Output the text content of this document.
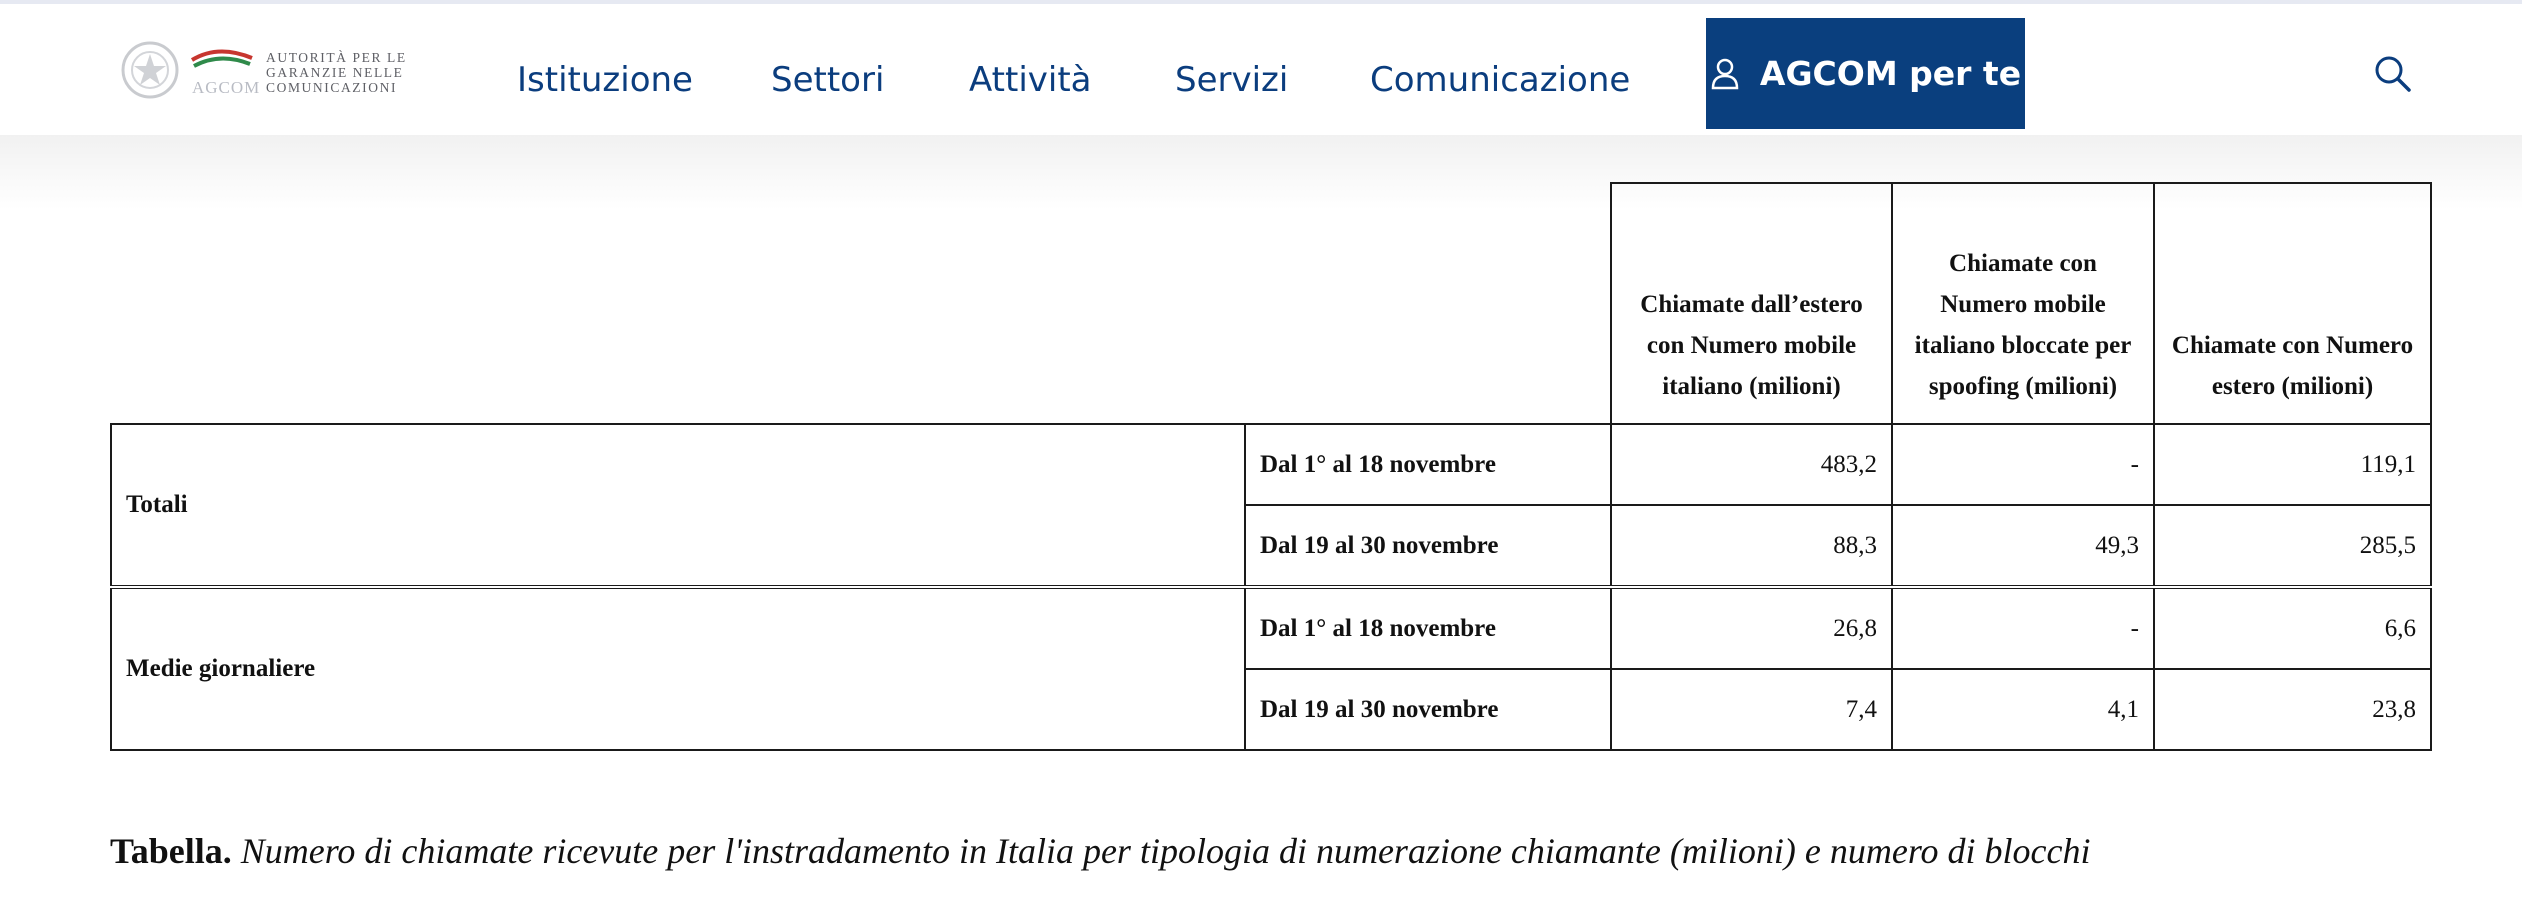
AGCOM
AUTORITÀ PER LE
GARANZIE NELLE
COMUNICAZIONI	Istituzione Settori Attività Servizi Comunicazione	AGCOM per te
		Chiamate dall’estero con Numero mobile italiano (milioni)	Chiamate con Numero mobile italiano bloccate per spoofing (milioni)	Chiamate con Numero estero (milioni)
Totali	Dal 1° al 18 novembre	483,2	-	119,1
	Dal 19 al 30 novembre	88,3	49,3	285,5
Medie giornaliere	Dal 1° al 18 novembre	26,8	-	6,6
	Dal 19 al 30 novembre	7,4	4,1	23,8
Tabella. Numero di chiamate ricevute per l'instradamento in Italia per tipologia di numerazione chiamante (milioni) e numero di blocchi
